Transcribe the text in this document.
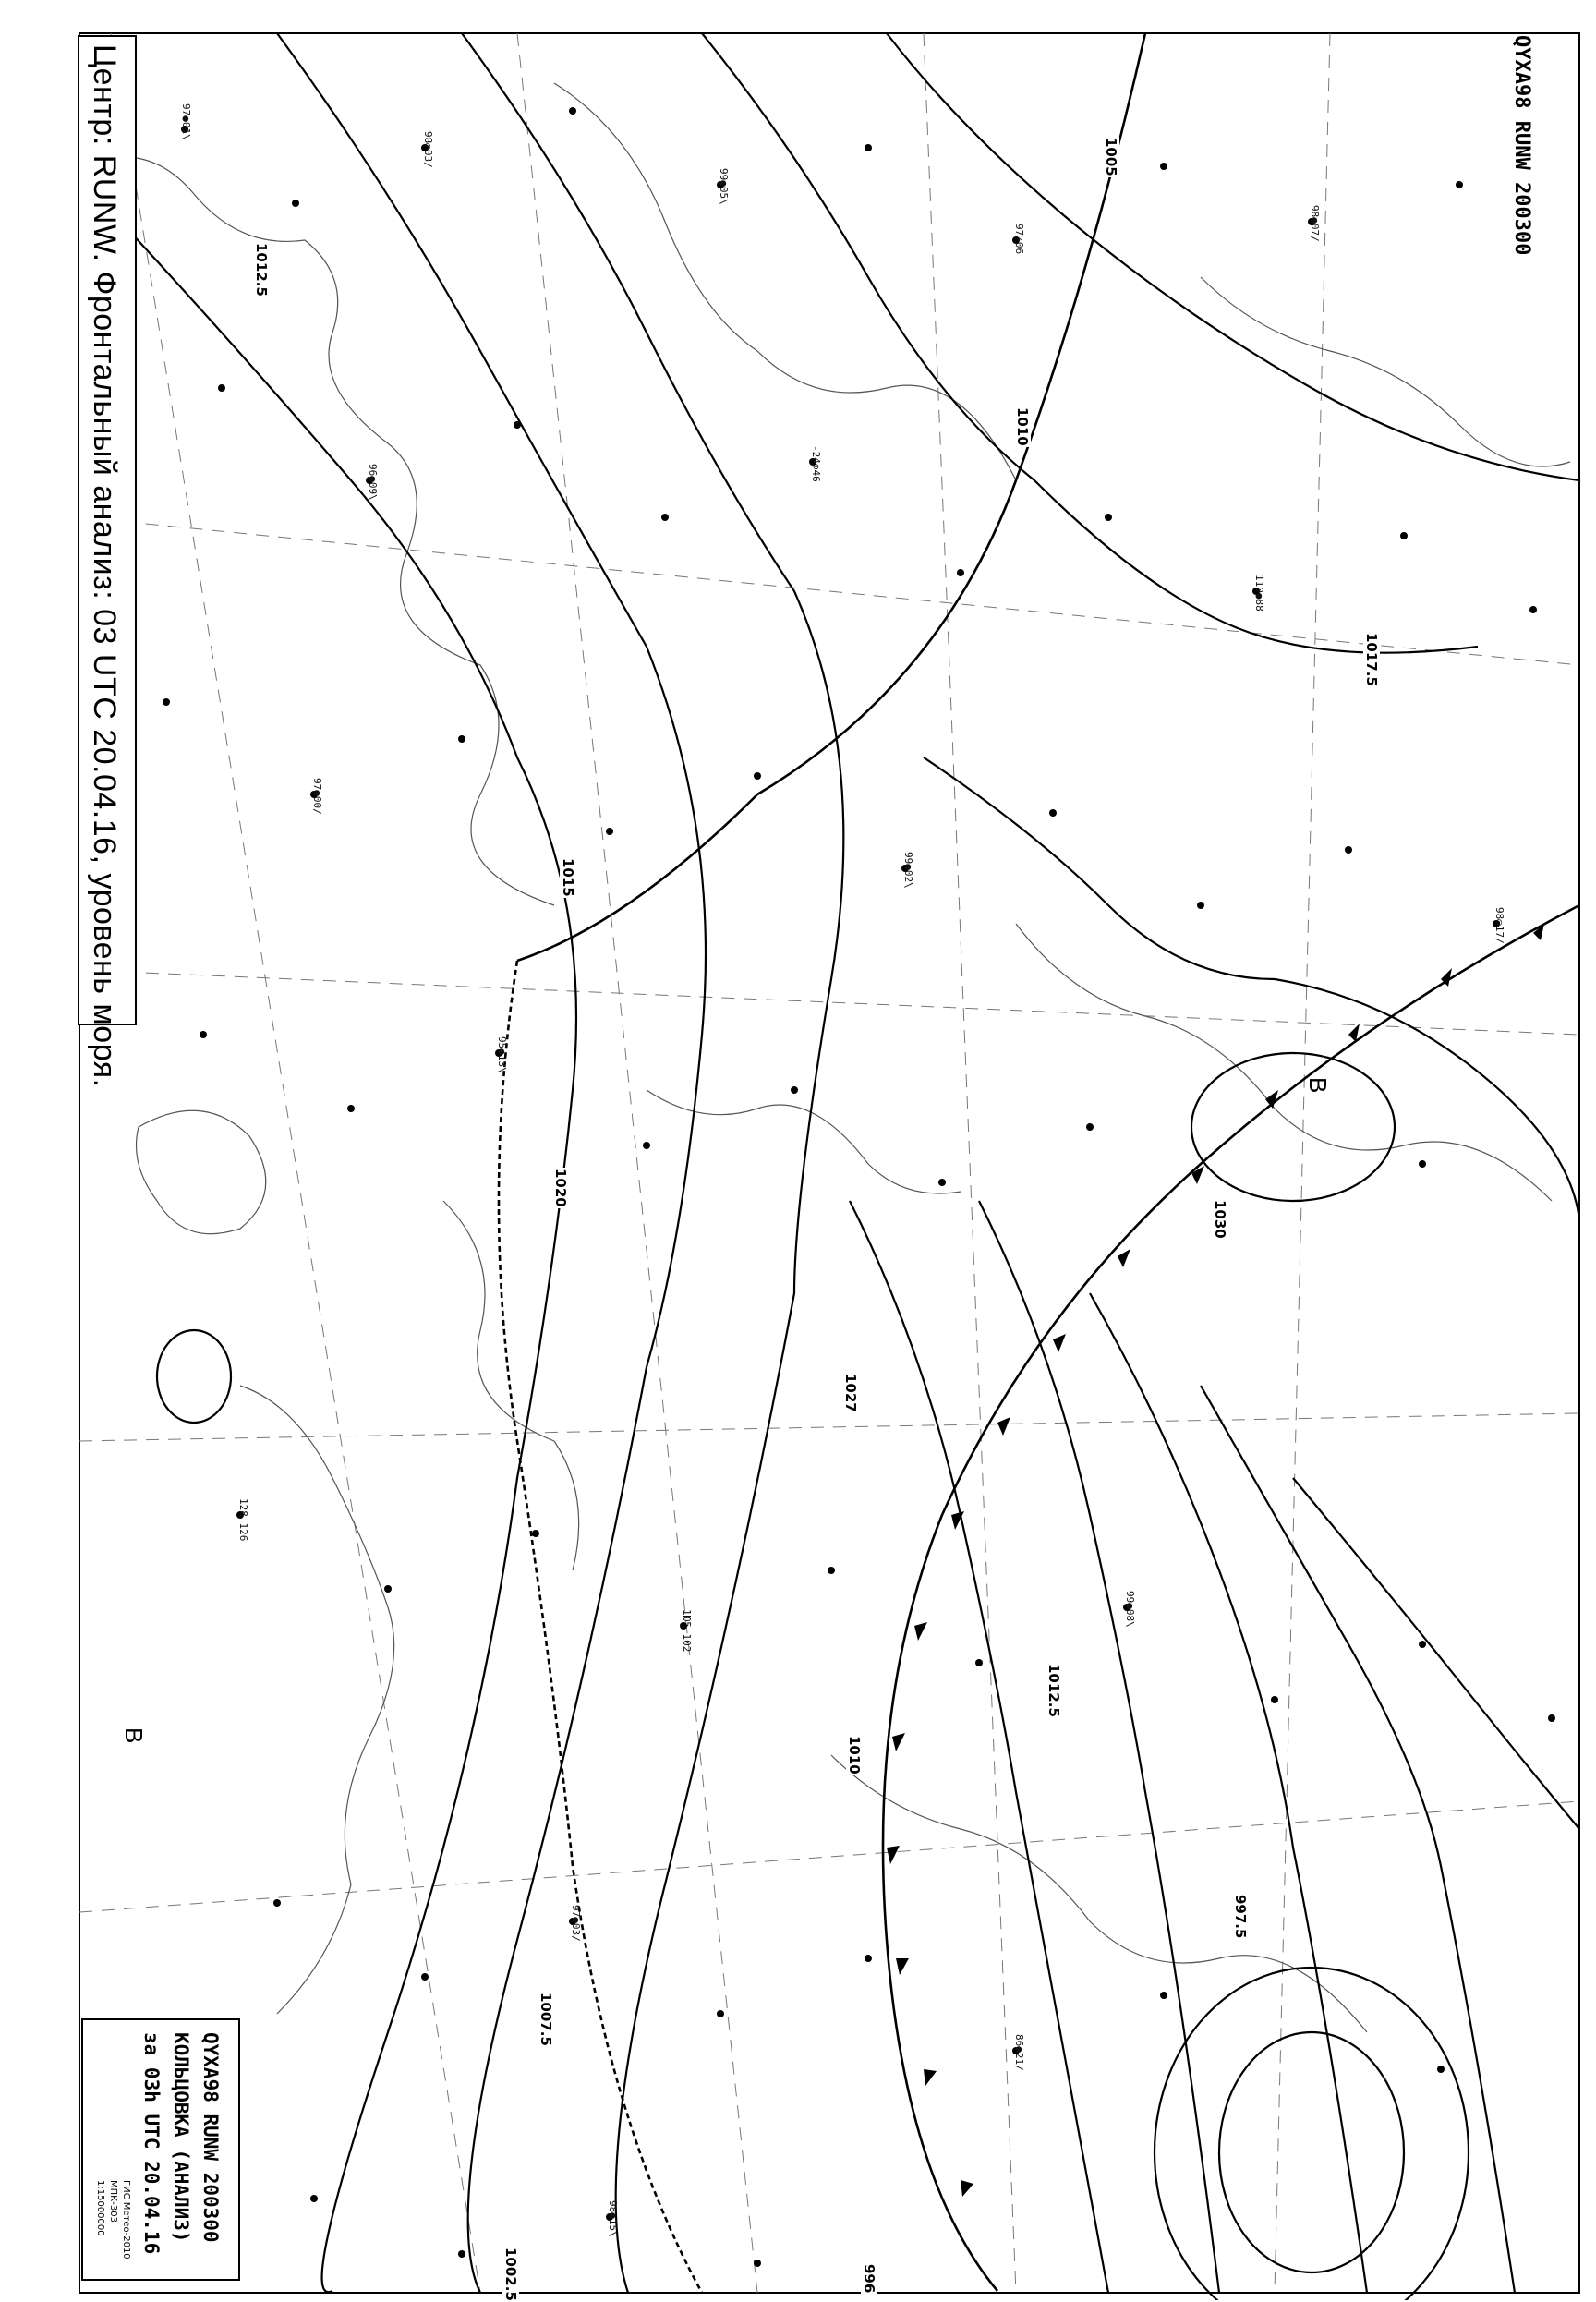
1012.5
1005
1010
1017.5
1015
1020
1027
1030
1012.5
1010
1007.5
1002.5
997.5
996
В
В
97●01\
98◎03/
99●05\
97∠06	98●07/
96●09\
-24⊕46
110●88
97●00/
99●02\
98◎17/
95●13\
128 126
1Ю5 102
99●08\
97●03/
86●21/
98●15\
Центр: RUNW. Фронтальный анализ: 03 UTC 20.04.16, уровень моря.	QYXA98 RUNW 200300
QYXA98 RUNW 200300
КОЛЬЦОВКА (АНАЛИЗ)
за 03h UTC 20.04.16
ГИС Метео-2010
МПК-303
1:15000000
